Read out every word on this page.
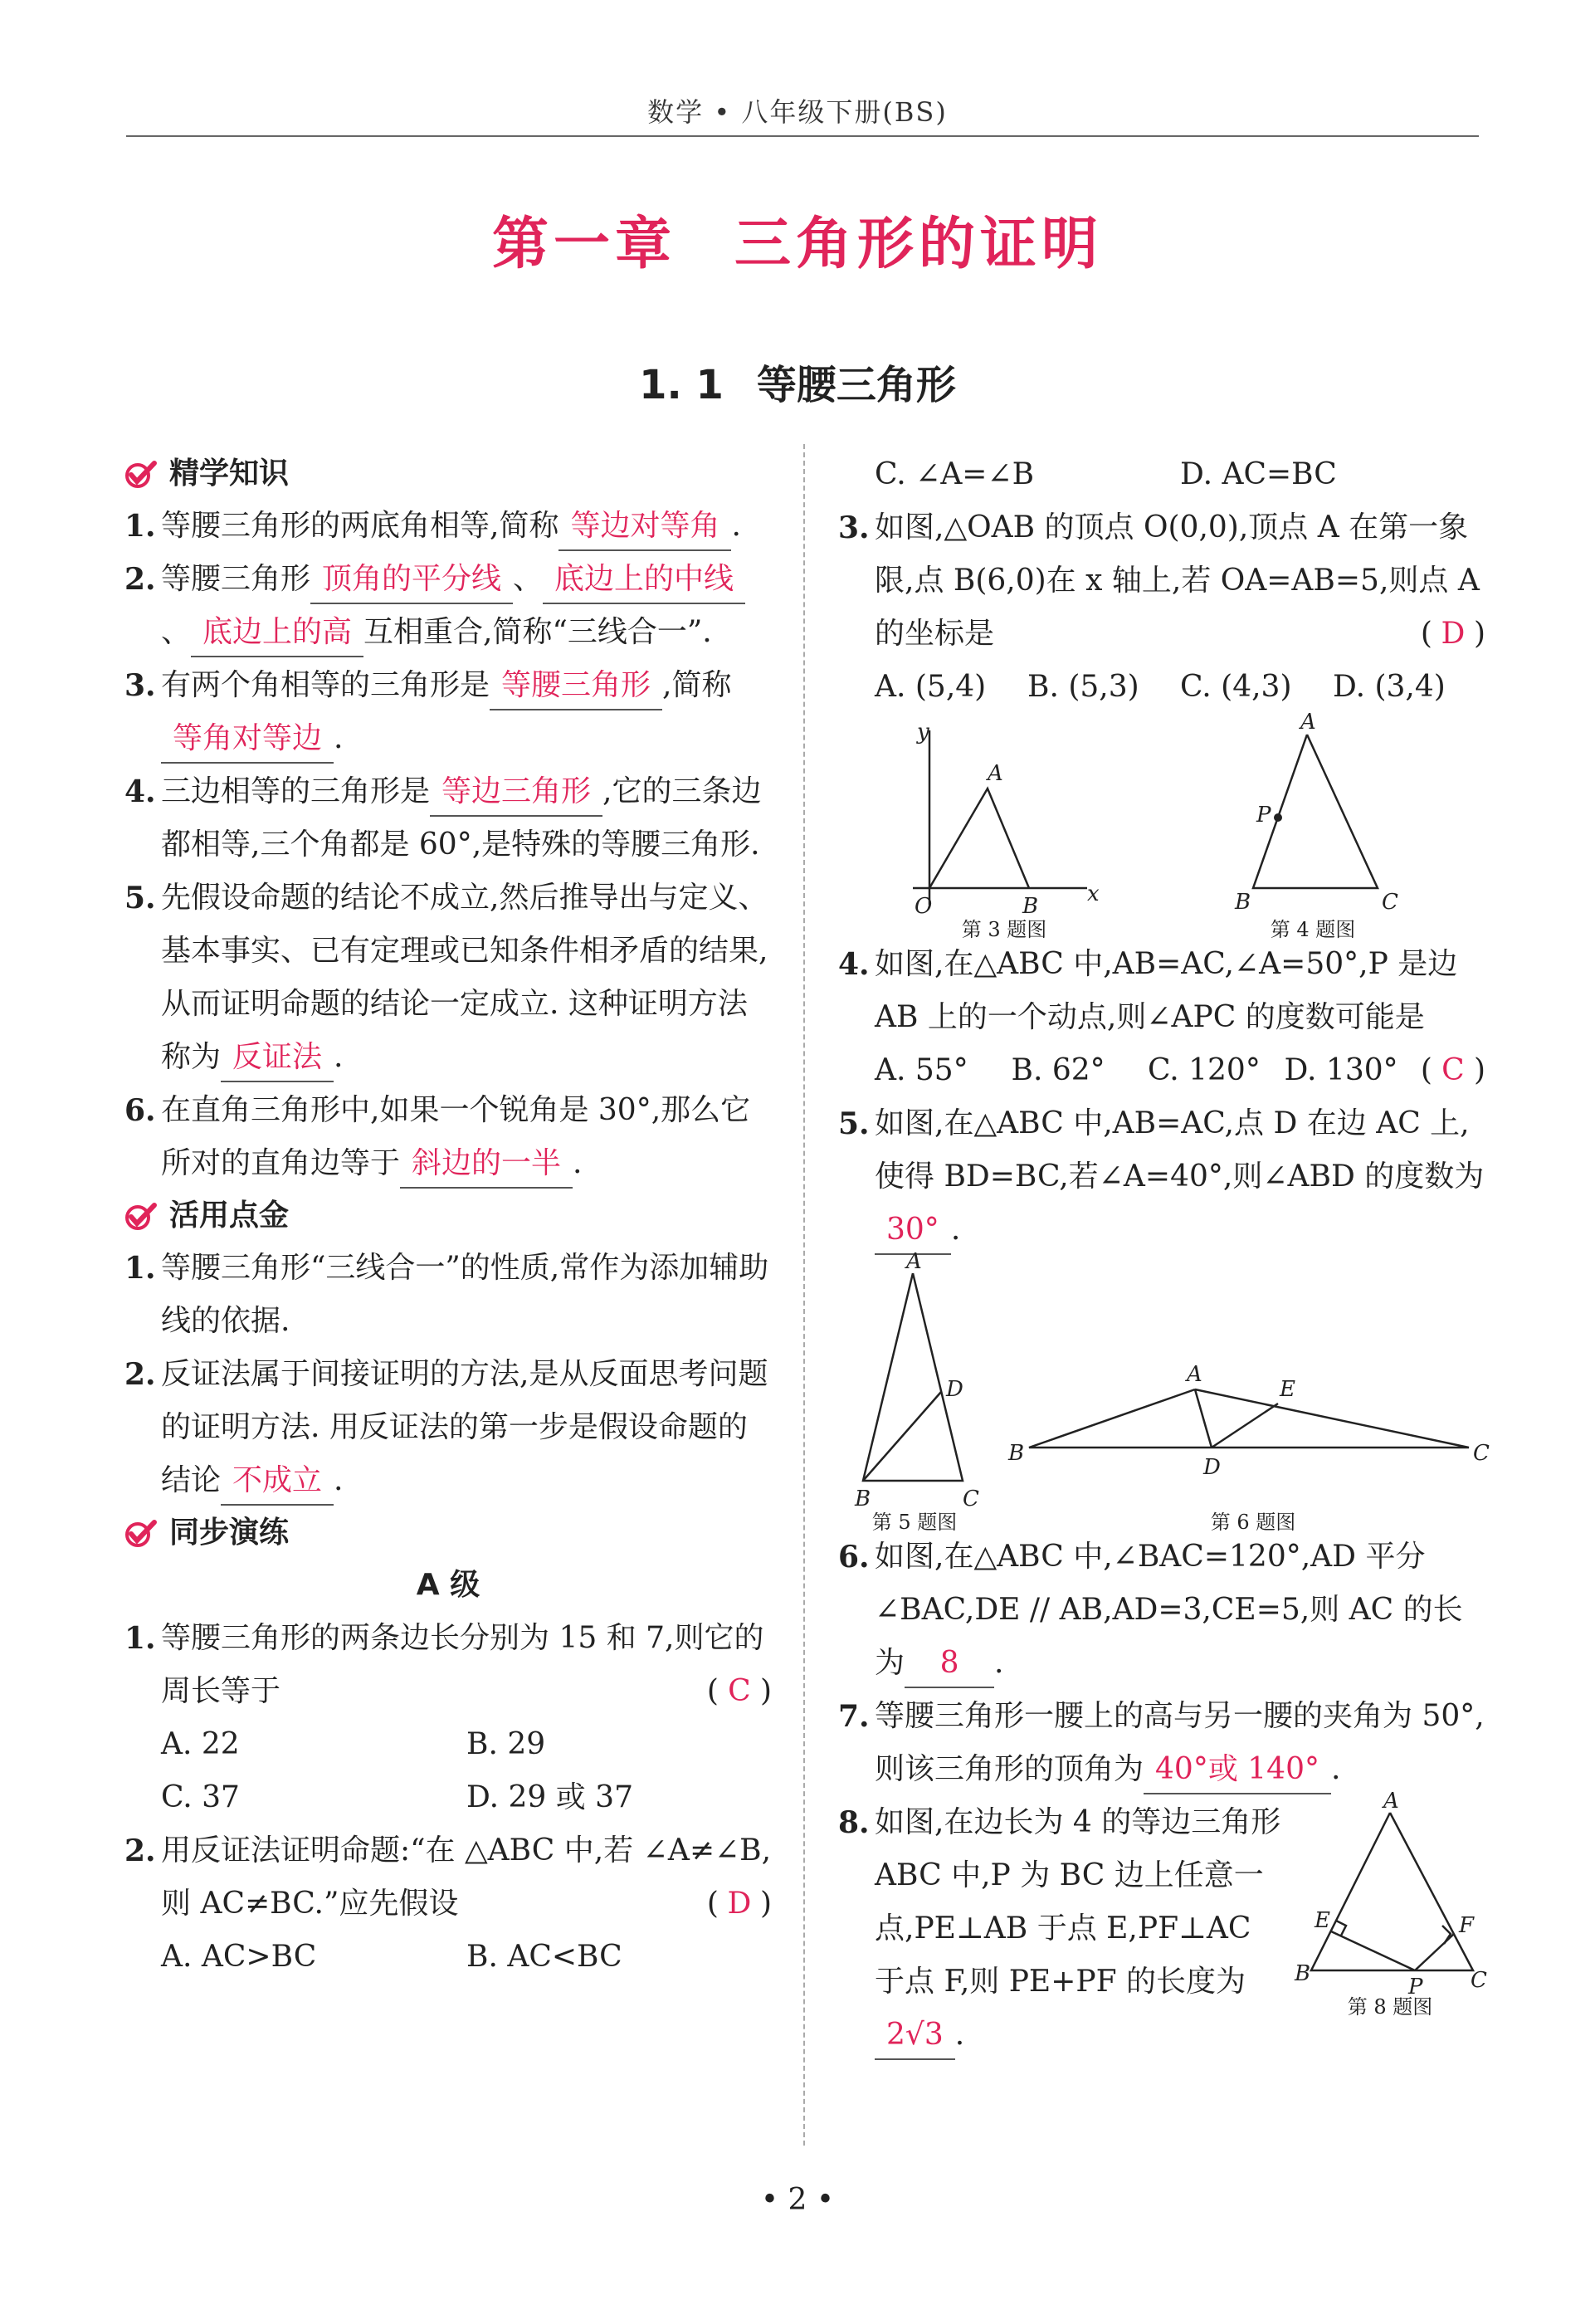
数学 • 八年级下册(BS)
第一章 三角形的证明
1. 1 等腰三角形
精学知识
1. 等腰三角形的两底角相等,简称 等边对等角 .
2. 等腰三角形 顶角的平分线 、 底边上的中线、 底边上的高 互相重合,简称“三线合一”.
3. 有两个角相等的三角形是 等腰三角形 ,简称等角对等边 .
4. 三边相等的三角形是 等边三角形 ,它的三条边都相等,三个角都是 60°,是特殊的等腰三角形.
5. 先假设命题的结论不成立,然后推导出与定义、基本事实、已有定理或已知条件相矛盾的结果,从而证明命题的结论一定成立. 这种证明方法称为 反证法 .
6. 在直角三角形中,如果一个锐角是 30°,那么它所对的直角边等于 斜边的一半 .
活用点金
1. 等腰三角形“三线合一”的性质,常作为添加辅助线的依据.
2. 反证法属于间接证明的方法,是从反面思考问题的证明方法. 用反证法的第一步是假设命题的结论 不成立 .
同步演练
A 级
1. 等腰三角形的两条边长分别为 15 和 7,则它的周长等于	( C )
A. 22	B. 29
C. 37	D. 29 或 37
2. 用反证法证明命题:“在 △ABC 中,若 ∠A≠∠B,则 AC≠BC.”应先假设	( D )
A. AC>BC	B. AC<BC
C. ∠A=∠B	D. AC=BC
3. 如图,△OAB 的顶点 O(0,0),顶点 A 在第一象限,点 B(6,0)在 x 轴上,若 OA=AB=5,则点 A 的坐标是	( D )
A. (5,4)	B. (5,3)	C. (4,3)	D. (3,4)
y
x
O
A
B
第 3 题图
A
P
B	C
第 4 题图
4. 如图,在△ABC 中,AB=AC,∠A=50°,P 是边 AB 上的一个动点,则∠APC 的度数可能是
( C )
A. 55°	B. 62°	C. 120° D. 130°
5. 如图,在△ABC 中,AB=AC,点 D 在边 AC 上,使得 BD=BC,若∠A=40°,则∠ABD 的度数为30° .
A
D
B	C
第 5 题图
A
E
B
D
C
第 6 题图
6. 如图,在△ABC 中,∠BAC=120°,AD 平分∠BAC,DE // AB,AD=3,CE=5,则 AC 的长为 8 .
7. 等腰三角形一腰上的高与另一腰的夹角为 50°,则该三角形的顶角为 40°或 140° .
A
E	F
B
P C
第 8 题图
8. 如图,在边长为 4 的等边三角形 ABC 中,P 为 BC 边上任意一点,PE⊥AB 于点 E,PF⊥AC 于点 F,则 PE+PF 的长度为2√3 .
• 2 •
